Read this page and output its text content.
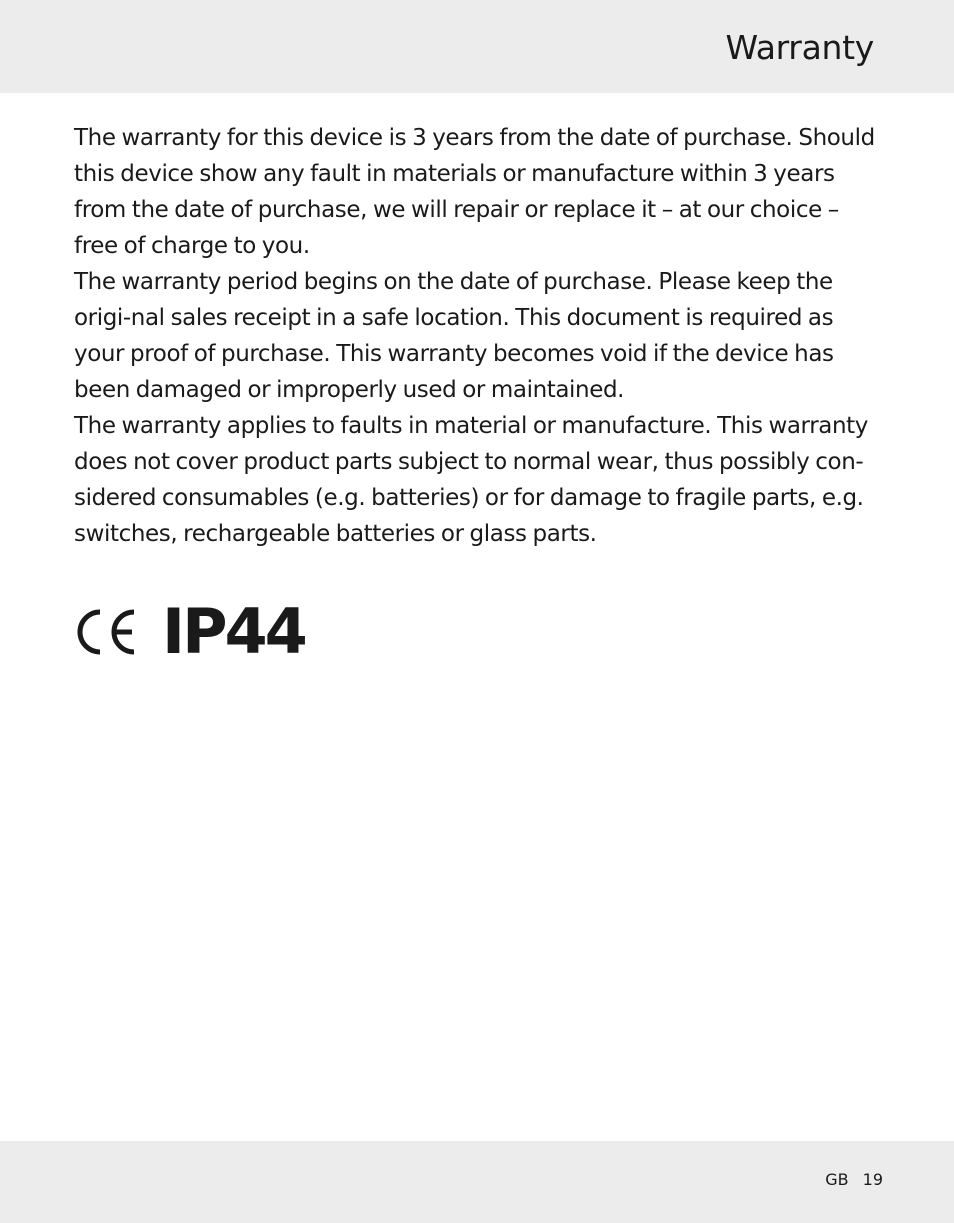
Warranty

The warranty for this device is 3 years from the date of purchase. Should this device show any fault in materials or manufacture within 3 years from the date of purchase, we will repair or replace it – at our choice – free of charge to you.

The warranty period begins on the date of purchase. Please keep the origi-nal sales receipt in a safe location. This document is required as your proof of purchase. This warranty becomes void if the device has been damaged or improperly used or maintained.

The warranty applies to faults in material or manufacture. This warranty does not cover product parts subject to normal wear, thus possibly con-sidered consumables (e.g. batteries) or for damage to fragile parts, e.g. switches, rechargeable batteries or glass parts.

IP44
GB 19
